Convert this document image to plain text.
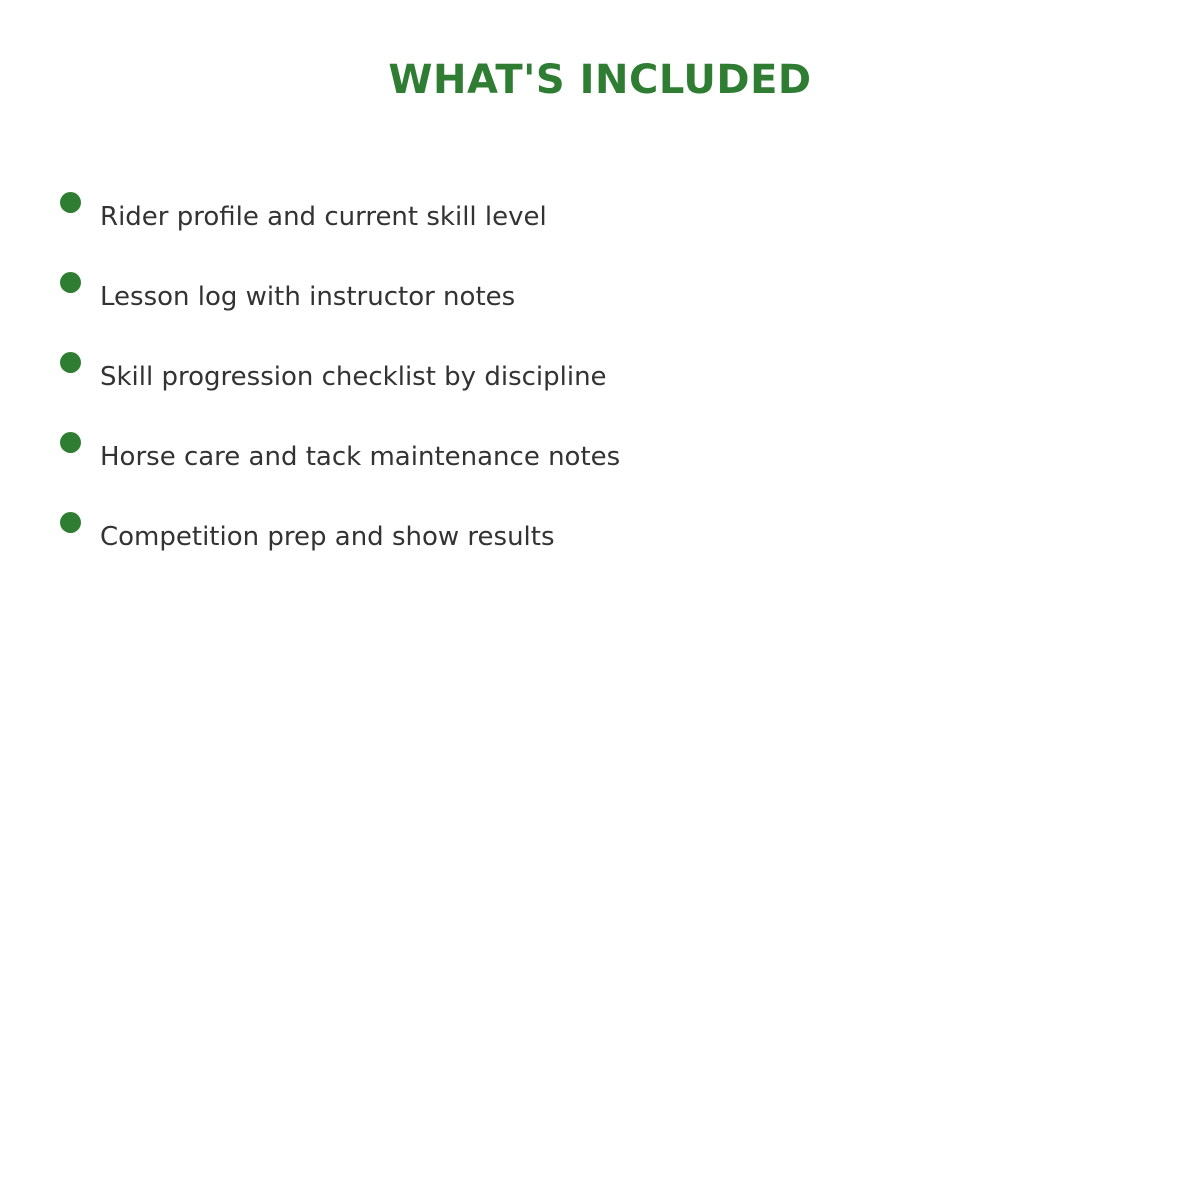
WHAT'S INCLUDED
Rider profile and current skill level
Lesson log with instructor notes
Skill progression checklist by discipline
Horse care and tack maintenance notes
Competition prep and show results
